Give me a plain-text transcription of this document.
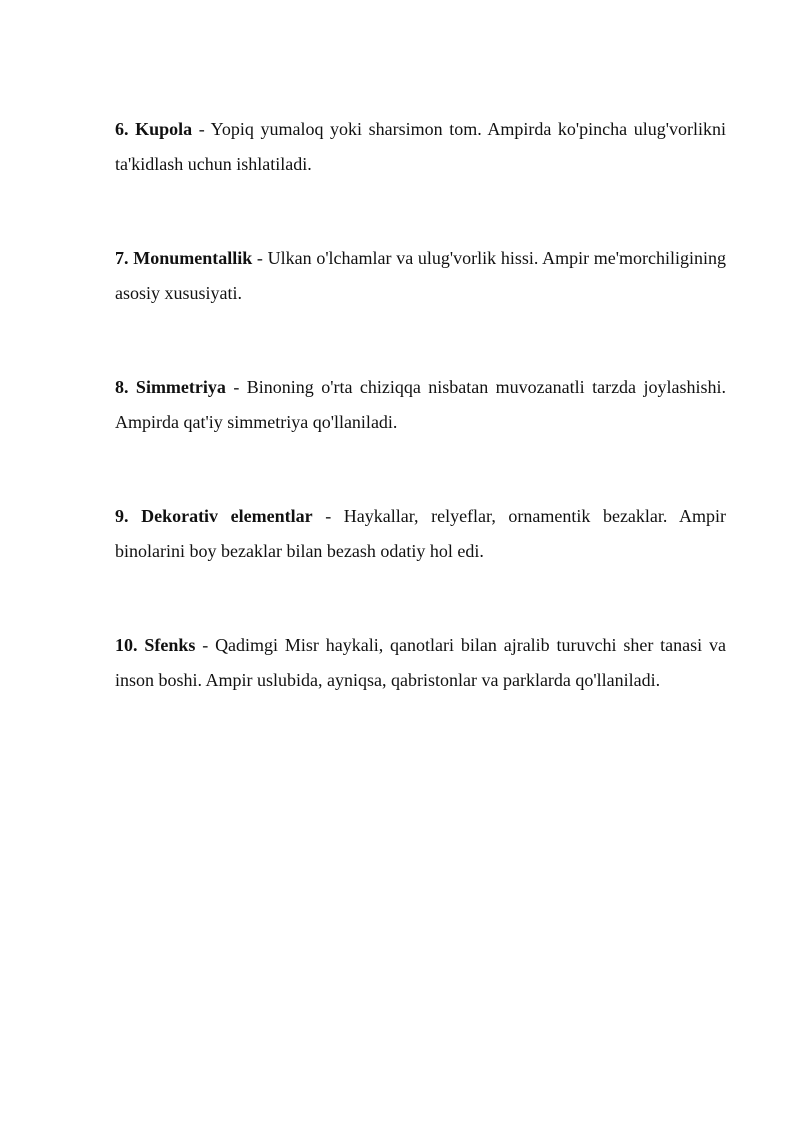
6. Kupola - Yopiq yumaloq yoki sharsimon tom. Ampirda ko'pincha ulug'vorlikni ta'kidlash uchun ishlatiladi.

7. Monumentallik - Ulkan o'lchamlar va ulug'vorlik hissi. Ampir me'morchiligining asosiy xususiyati.

8. Simmetriya - Binoning o'rta chiziqqa nisbatan muvozanatli tarzda joylashishi. Ampirda qat'iy simmetriya qo'llaniladi.

9. Dekorativ elementlar - Haykallar, relyeflar, ornamentik bezaklar. Ampir binolarini boy bezaklar bilan bezash odatiy hol edi.

10. Sfenks - Qadimgi Misr haykali, qanotlari bilan ajralib turuvchi sher tanasi va inson boshi. Ampir uslubida, ayniqsa, qabristonlar va parklarda qo'llaniladi.
